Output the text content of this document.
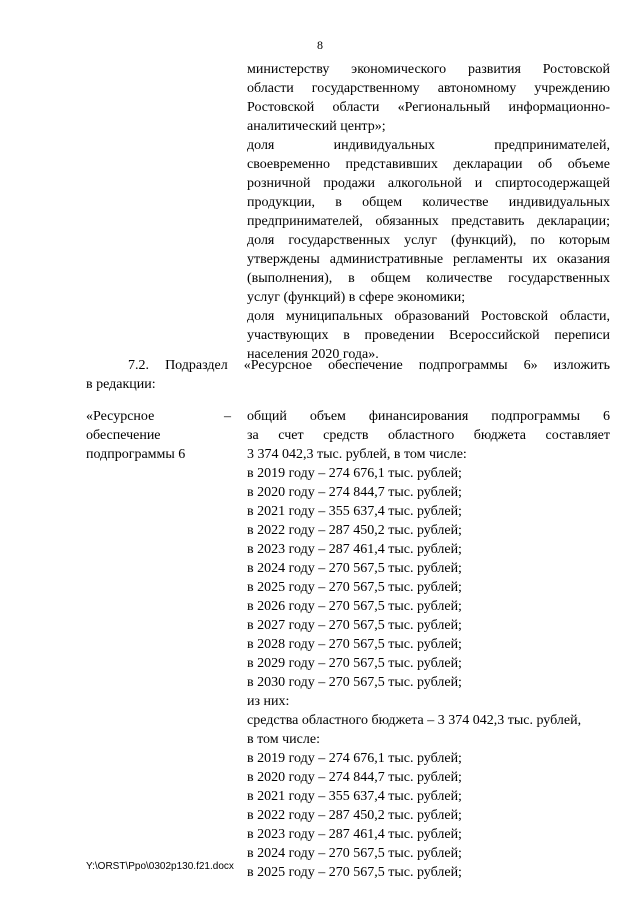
8
министерству экономического развития Ростовской
области государственному автономному учреждению
Ростовской области «Региональный информационно-
аналитический центр»;
доля индивидуальных предпринимателей,
своевременно представивших декларации об объеме
розничной продажи алкогольной и спиртосодержащей
продукции, в общем количестве индивидуальных
предпринимателей, обязанных представить декларации;
доля государственных услуг (функций), по которым
утверждены административные регламенты их оказания
(выполнения), в общем количестве государственных
услуг (функций) в сфере экономики;
доля муниципальных образований Ростовской области,
участвующих в проведении Всероссийской переписи
населения 2020 года».
7.2. Подраздел «Ресурсное обеспечение подпрограммы 6» изложить
в редакции:
«Ресурсное
обеспечение
подпрограммы 6
– общий объем финансирования подпрограммы 6
за счет средств областного бюджета составляет
3 374 042,3 тыс. рублей, в том числе:
в 2019 году – 274 676,1 тыс. рублей;
в 2020 году – 274 844,7 тыс. рублей;
в 2021 году – 355 637,4 тыс. рублей;
в 2022 году – 287 450,2 тыс. рублей;
в 2023 году – 287 461,4 тыс. рублей;
в 2024 году – 270 567,5 тыс. рублей;
в 2025 году – 270 567,5 тыс. рублей;
в 2026 году – 270 567,5 тыс. рублей;
в 2027 году – 270 567,5 тыс. рублей;
в 2028 году – 270 567,5 тыс. рублей;
в 2029 году – 270 567,5 тыс. рублей;
в 2030 году – 270 567,5 тыс. рублей;
из них:
средства областного бюджета – 3 374 042,3 тыс. рублей,
в том числе:
в 2019 году – 274 676,1 тыс. рублей;
в 2020 году – 274 844,7 тыс. рублей;
в 2021 году – 355 637,4 тыс. рублей;
в 2022 году – 287 450,2 тыс. рублей;
в 2023 году – 287 461,4 тыс. рублей;
в 2024 году – 270 567,5 тыс. рублей;
в 2025 году – 270 567,5 тыс. рублей;
Y:\ORST\Ppo\0302p130.f21.docx
